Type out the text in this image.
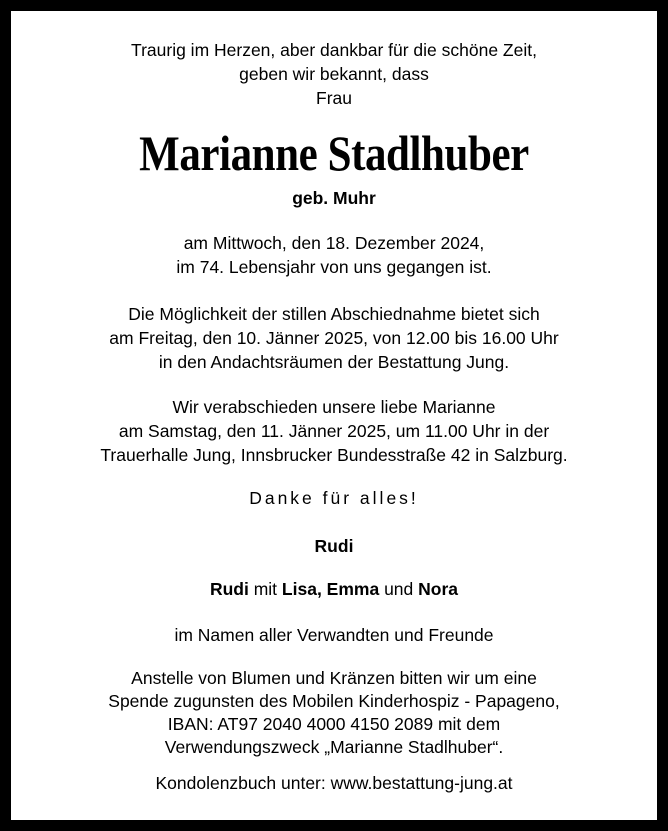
Traurig im Herzen, aber dankbar für die schöne Zeit,
geben wir bekannt, dass
Frau
Marianne Stadlhuber
geb. Muhr
am Mittwoch, den 18. Dezember 2024,
im 74. Lebensjahr von uns gegangen ist.
Die Möglichkeit der stillen Abschiednahme bietet sich
am Freitag, den 10. Jänner 2025, von 12.00 bis 16.00 Uhr
in den Andachtsräumen der Bestattung Jung.
Wir verabschieden unsere liebe Marianne
am Samstag, den 11. Jänner 2025, um 11.00 Uhr in der
Trauerhalle Jung, Innsbrucker Bundesstraße 42 in Salzburg.
Danke für alles!
Rudi
Rudi mit Lisa, Emma und Nora
im Namen aller Verwandten und Freunde
Anstelle von Blumen und Kränzen bitten wir um eine
Spende zugunsten des Mobilen Kinderhospiz - Papageno,
IBAN: AT97 2040 4000 4150 2089 mit dem
Verwendungszweck „Marianne Stadlhuber“.
Kondolenzbuch unter: www.bestattung-jung.at
